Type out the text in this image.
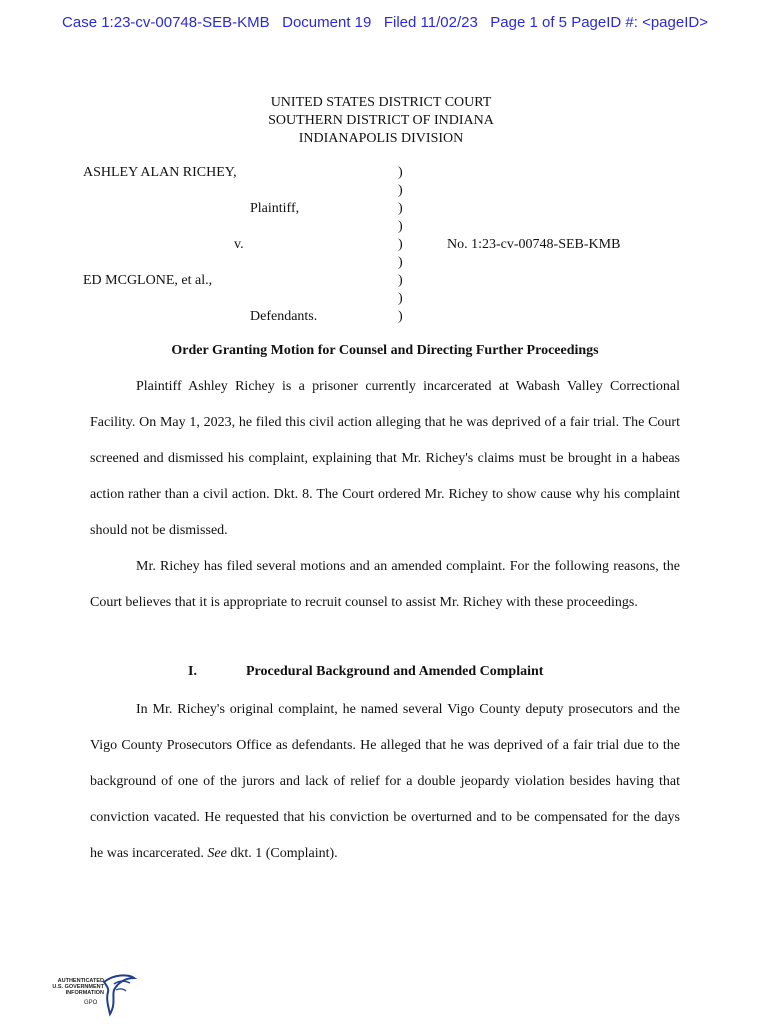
Case 1:23-cv-00748-SEB-KMB   Document 19   Filed 11/02/23   Page 1 of 5 PageID #: <pageID>
UNITED STATES DISTRICT COURT
SOUTHERN DISTRICT OF INDIANA
INDIANAPOLIS DIVISION
ASHLEY ALAN RICHEY,
Plaintiff,
v.
ED MCGLONE, et al.,
Defendants.
No. 1:23-cv-00748-SEB-KMB
)
)
)
)
)
)
)
)
)
Order Granting Motion for Counsel and Directing Further Proceedings

Plaintiff Ashley Richey is a prisoner currently incarcerated at Wabash Valley Correctional Facility. On May 1, 2023, he filed this civil action alleging that he was deprived of a fair trial. The Court screened and dismissed his complaint, explaining that Mr. Richey's claims must be brought in a habeas action rather than a civil action. Dkt. 8. The Court ordered Mr. Richey to show cause why his complaint should not be dismissed.

Mr. Richey has filed several motions and an amended complaint. For the following reasons, the Court believes that it is appropriate to recruit counsel to assist Mr. Richey with these proceedings.

I.	Procedural Background and Amended Complaint

In Mr. Richey's original complaint, he named several Vigo County deputy prosecutors and the Vigo County Prosecutors Office as defendants. He alleged that he was deprived of a fair trial due to the background of one of the jurors and lack of relief for a double jeopardy violation besides having that conviction vacated. He requested that his conviction be overturned and to be compensated for the days he was incarcerated. See dkt. 1 (Complaint).

AUTHENTICATED
U.S. GOVERNMENT
INFORMATION
GPO
